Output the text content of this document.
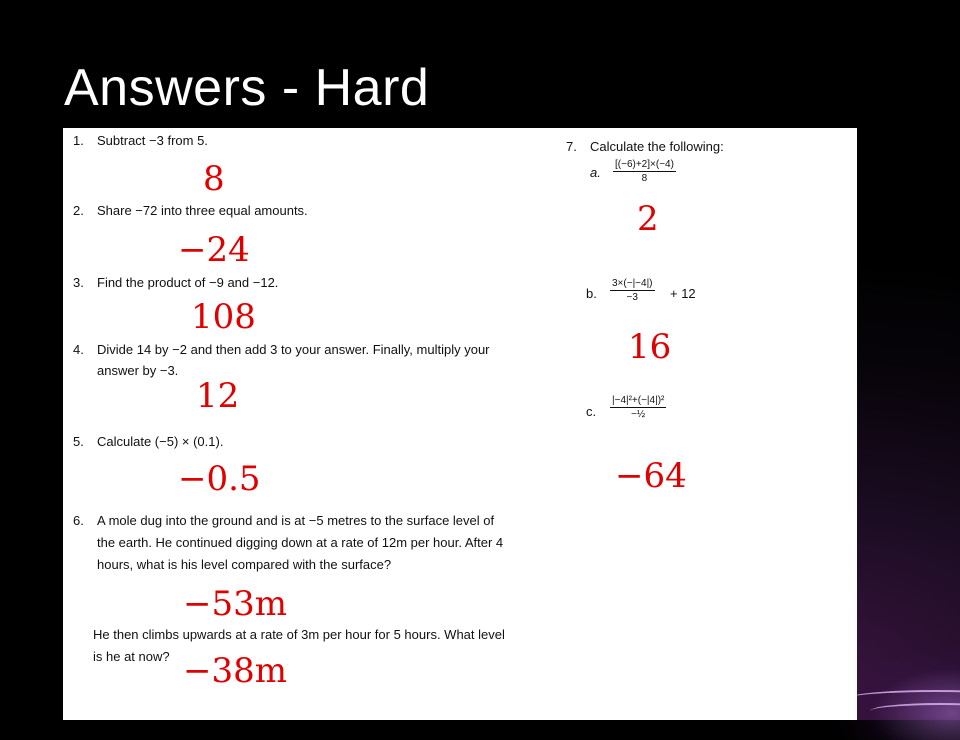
Answers - Hard
1. Subtract −3 from 5.
8
2. Share −72 into three equal amounts.
−24
3. Find the product of −9 and −12.
108
4. Divide 14 by −2 and then add 3 to your answer. Finally, multiply your
answer by −3.
12
5. Calculate (−5) × (0.1).
−0.5
6. A mole dug into the ground and is at −5 metres to the surface level of
the earth. He continued digging down at a rate of 12m per hour. After 4
hours, what is his level compared with the surface?
−53m
He then climbs upwards at a rate of 3m per hour for 5 hours. What level
is he at now? −38m
7. Calculate the following:
a. $\frac{[(-6)+2]\times(-4)}{8}$
2
b. $\frac{3\times(-|-4|)}{-3} + 12$
16
c.
|−4|²+(−|4|)²
−½
−64
